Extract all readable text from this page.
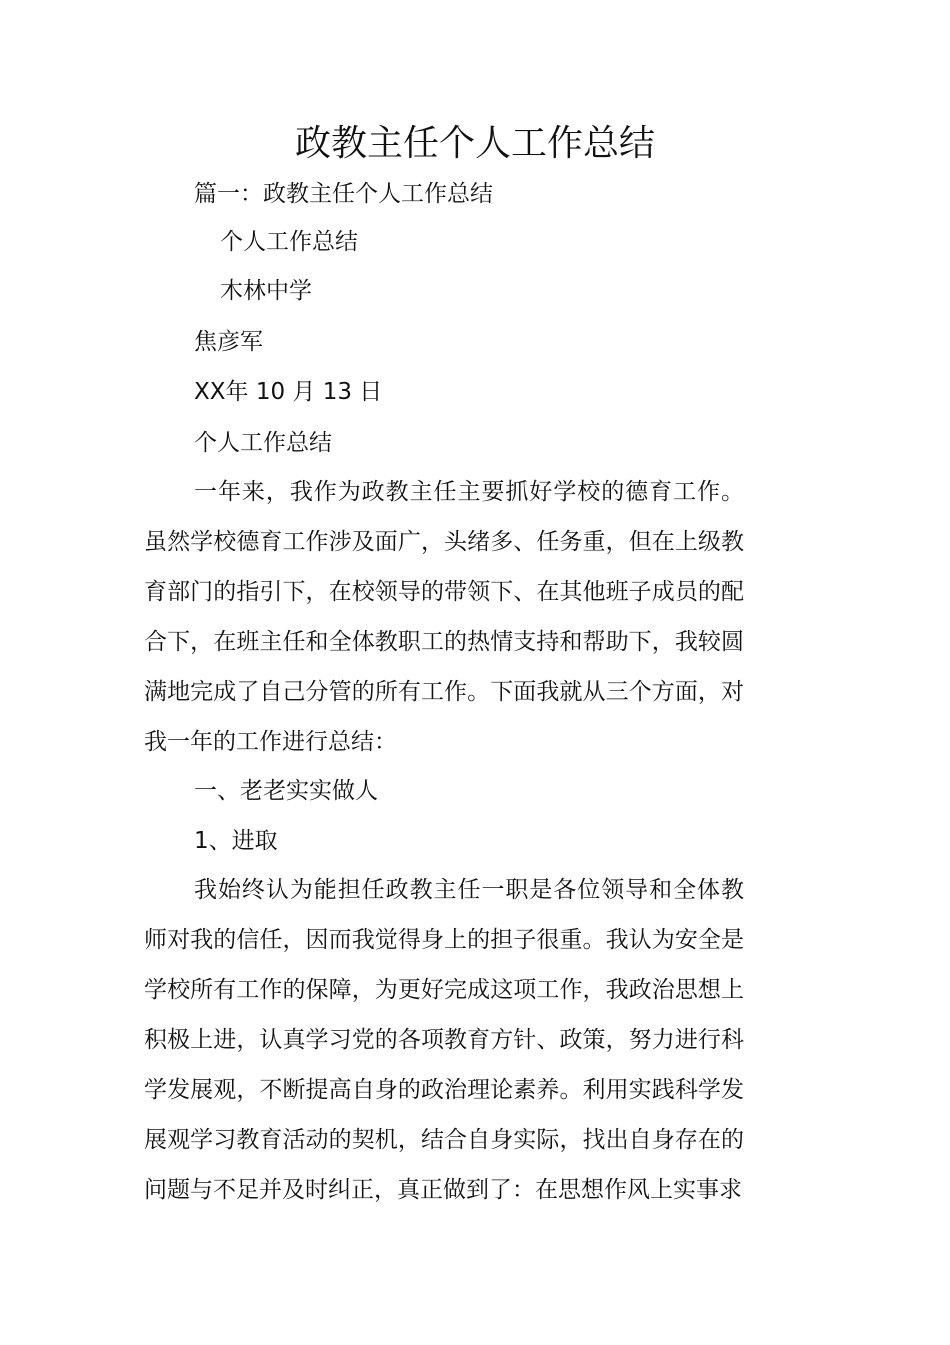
政教主任个人工作总结
篇一：政教主任个人工作总结
个人工作总结
木林中学
焦彦军
XX年 10 月 13 日
个人工作总结
一年来，我作为政教主任主要抓好学校的德育工作。虽然学校德育工作涉及面广，头绪多、任务重，但在上级教育部门的指引下，在校领导的带领下、在其他班子成员的配合下，在班主任和全体教职工的热情支持和帮助下，我较圆满地完成了自己分管的所有工作。下面我就从三个方面，对我一年的工作进行总结：
一、老老实实做人
1、进取
我始终认为能担任政教主任一职是各位领导和全体教师对我的信任，因而我觉得身上的担子很重。我认为安全是学校所有工作的保障，为更好完成这项工作，我政治思想上积极上进，认真学习党的各项教育方针、政策，努力进行科学发展观，不断提高自身的政治理论素养。利用实践科学发展观学习教育活动的契机，结合自身实际，找出自身存在的问题与不足并及时纠正，真正做到了：在思想作风上实事求
